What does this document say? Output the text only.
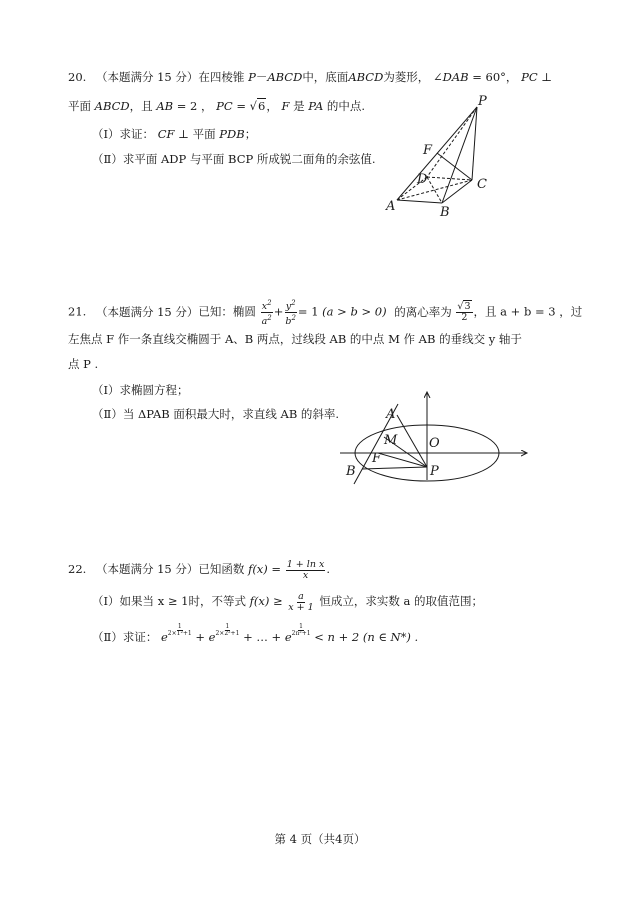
20. （本题满分 15 分）在四棱锥 P－ABCD中，底面ABCD为菱形， ∠DAB = 60°， PC ⊥
平面 ABCD，且 AB = 2 ， PC = √6， F 是 PA 的中点.
（Ⅰ）求证： CF ⊥ 平面 PDB；
（Ⅱ）求平面 ADP 与平面 BCP 所成锐二面角的余弦值.
P
F
D	C
A	B
21. （本题满分 15 分）已知：椭圆 $\frac{x^2}{a^2} + \frac{y^2}{b^2} = 1$ (a > b > 0) 的离心率为 $\frac{√3}{2}$ ，且 a + b = 3 ，过
左焦点 F 作一条直线交椭圆于 A、B 两点，过线段 AB 的中点 M 作 AB 的垂线交 y 轴于
点 P .
（Ⅰ）求椭圆方程；
（Ⅱ）当 ΔPAB 面积最大时，求直线 AB 的斜率.	A
M O
F
B	P
22. （本题满分 15 分）已知函数 $f(x) = \frac{\text{1 + ln x}}{x}$ .
（Ⅰ）如果当 x ≥ 1时，不等式 $f(x) \ge \frac{a}{x + 1}$ 恒成立，求实数 a 的取值范围；
（Ⅱ）求证： e $\frac{1}{\text{2×1²+1}} + e \frac{1}{\text{2×2²+1}}$ + … + e $\frac{1}{\text{2n²+1}} < n + 2$ (n ∈ N*) .
第 4 页（共4页）
